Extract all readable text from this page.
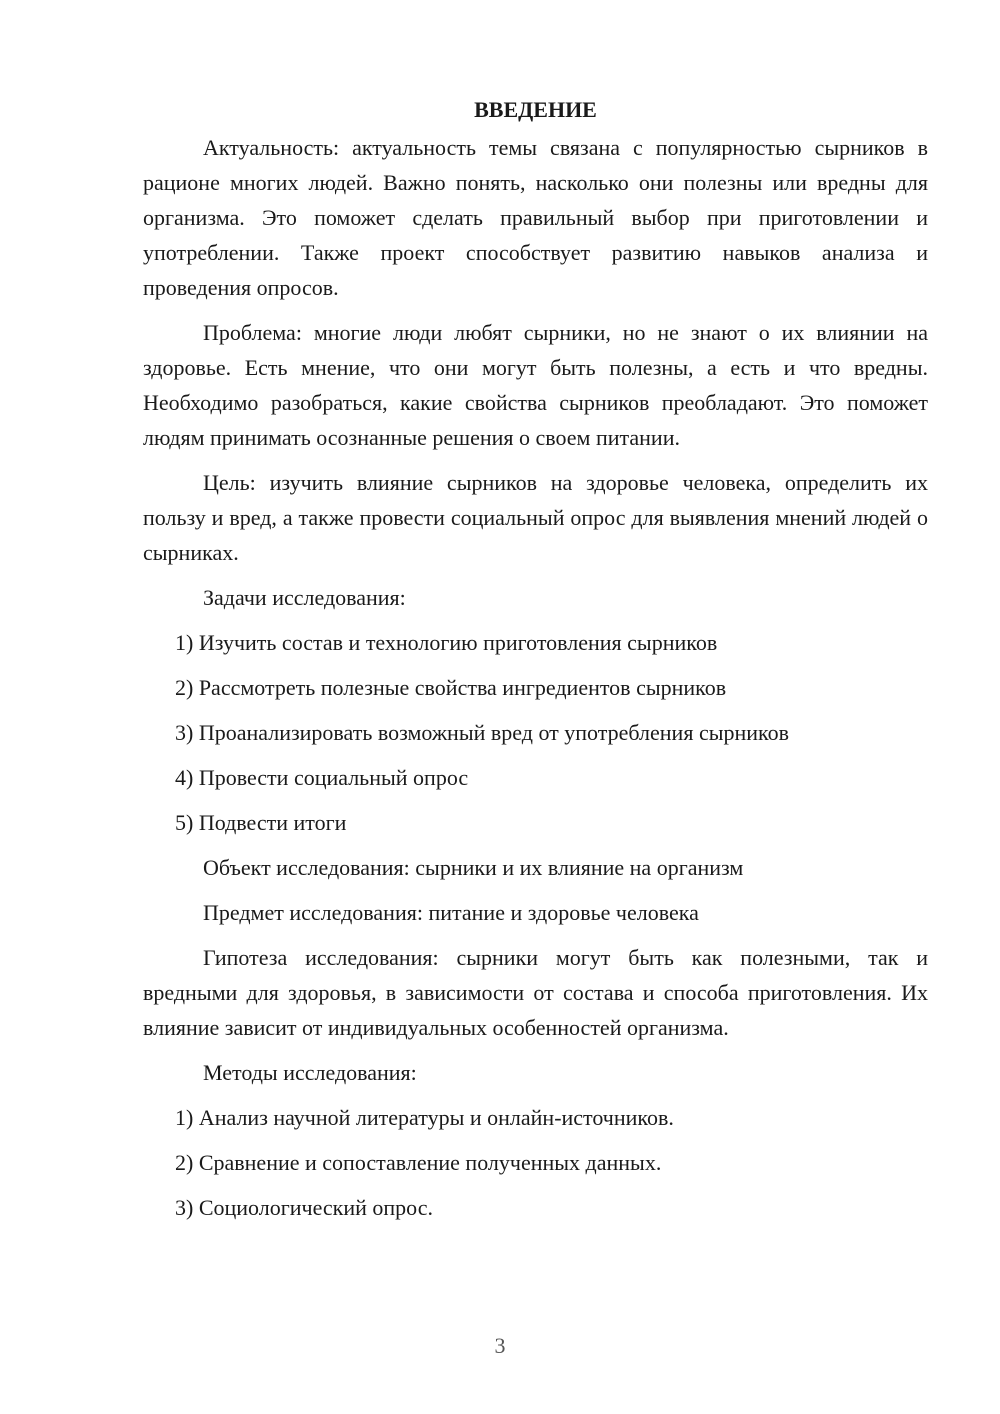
ВВЕДЕНИЕ

Актуальность: актуальность темы связана с популярностью сырников в рационе многих людей. Важно понять, насколько они полезны или вредны для организма. Это поможет сделать правильный выбор при приготовлении и употреблении. Также проект способствует развитию навыков анализа и проведения опросов.

Проблема: многие люди любят сырники, но не знают о их влиянии на здоровье. Есть мнение, что они могут быть полезны, а есть и что вредны. Необходимо разобраться, какие свойства сырников преобладают. Это поможет людям принимать осознанные решения о своем питании.

Цель: изучить влияние сырников на здоровье человека, определить их пользу и вред, а также провести социальный опрос для выявления мнений людей о сырниках.

Задачи исследования:

1) Изучить состав и технологию приготовления сырников

2) Рассмотреть полезные свойства ингредиентов сырников

3) Проанализировать возможный вред от употребления сырников

4) Провести социальный опрос

5) Подвести итоги

Объект исследования: сырники и их влияние на организм

Предмет исследования: питание и здоровье человека

Гипотеза исследования: сырники могут быть как полезными, так и вредными для здоровья, в зависимости от состава и способа приготовления. Их влияние зависит от индивидуальных особенностей организма.

Методы исследования:

1) Анализ научной литературы и онлайн-источников.

2) Сравнение и сопоставление полученных данных.

3) Социологический опрос.

3
